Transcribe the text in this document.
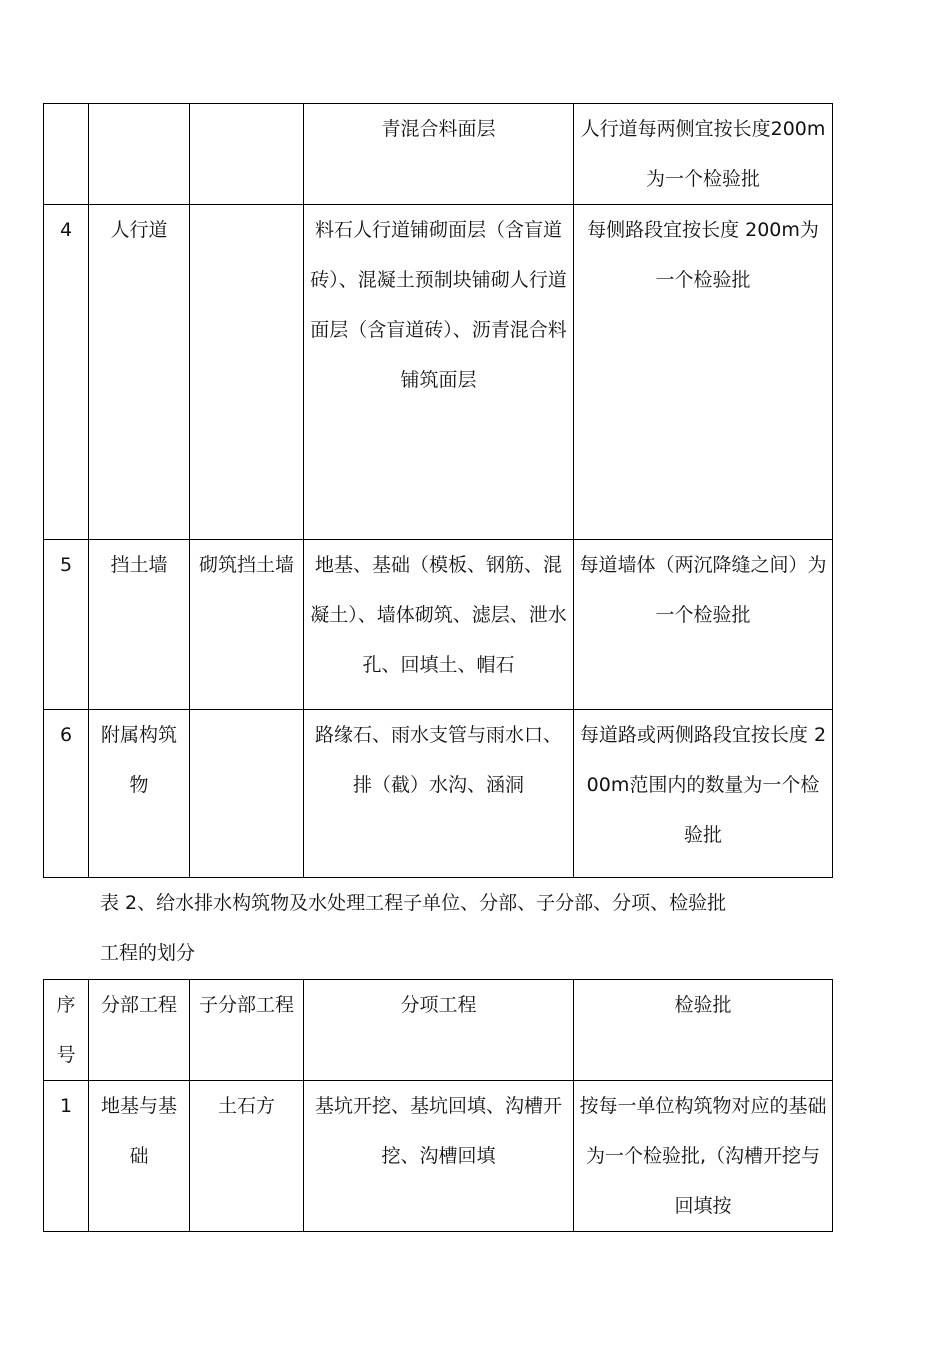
			青混合料面层	人行道每两侧宜按长度200m为一个检验批
4	人行道		料石人行道铺砌面层（含盲道砖）、混凝土预制块铺砌人行道面层（含盲道砖）、沥青混合料铺筑面层	每侧路段宜按长度 200m为一个检验批
5	挡土墙	砌筑挡土墙	地基、基础（模板、钢筋、混凝土）、墙体砌筑、滤层、泄水孔、回填土、帽石	每道墙体（两沉降缝之间）为一个检验批
6	附属构筑物		路缘石、雨水支管与雨水口、排（截）水沟、涵洞	每道路或两侧路段宜按长度 200m范围内的数量为一个检验批
表 2、给水排水构筑物及水处理工程子单位、分部、子分部、分项、检验批
工程的划分
序号	分部工程	子分部工程	分项工程	检验批
1	地基与基础	土石方	基坑开挖、基坑回填、沟槽开挖、沟槽回填	按每一单位构筑物对应的基础为一个检验批,（沟槽开挖与回填按
